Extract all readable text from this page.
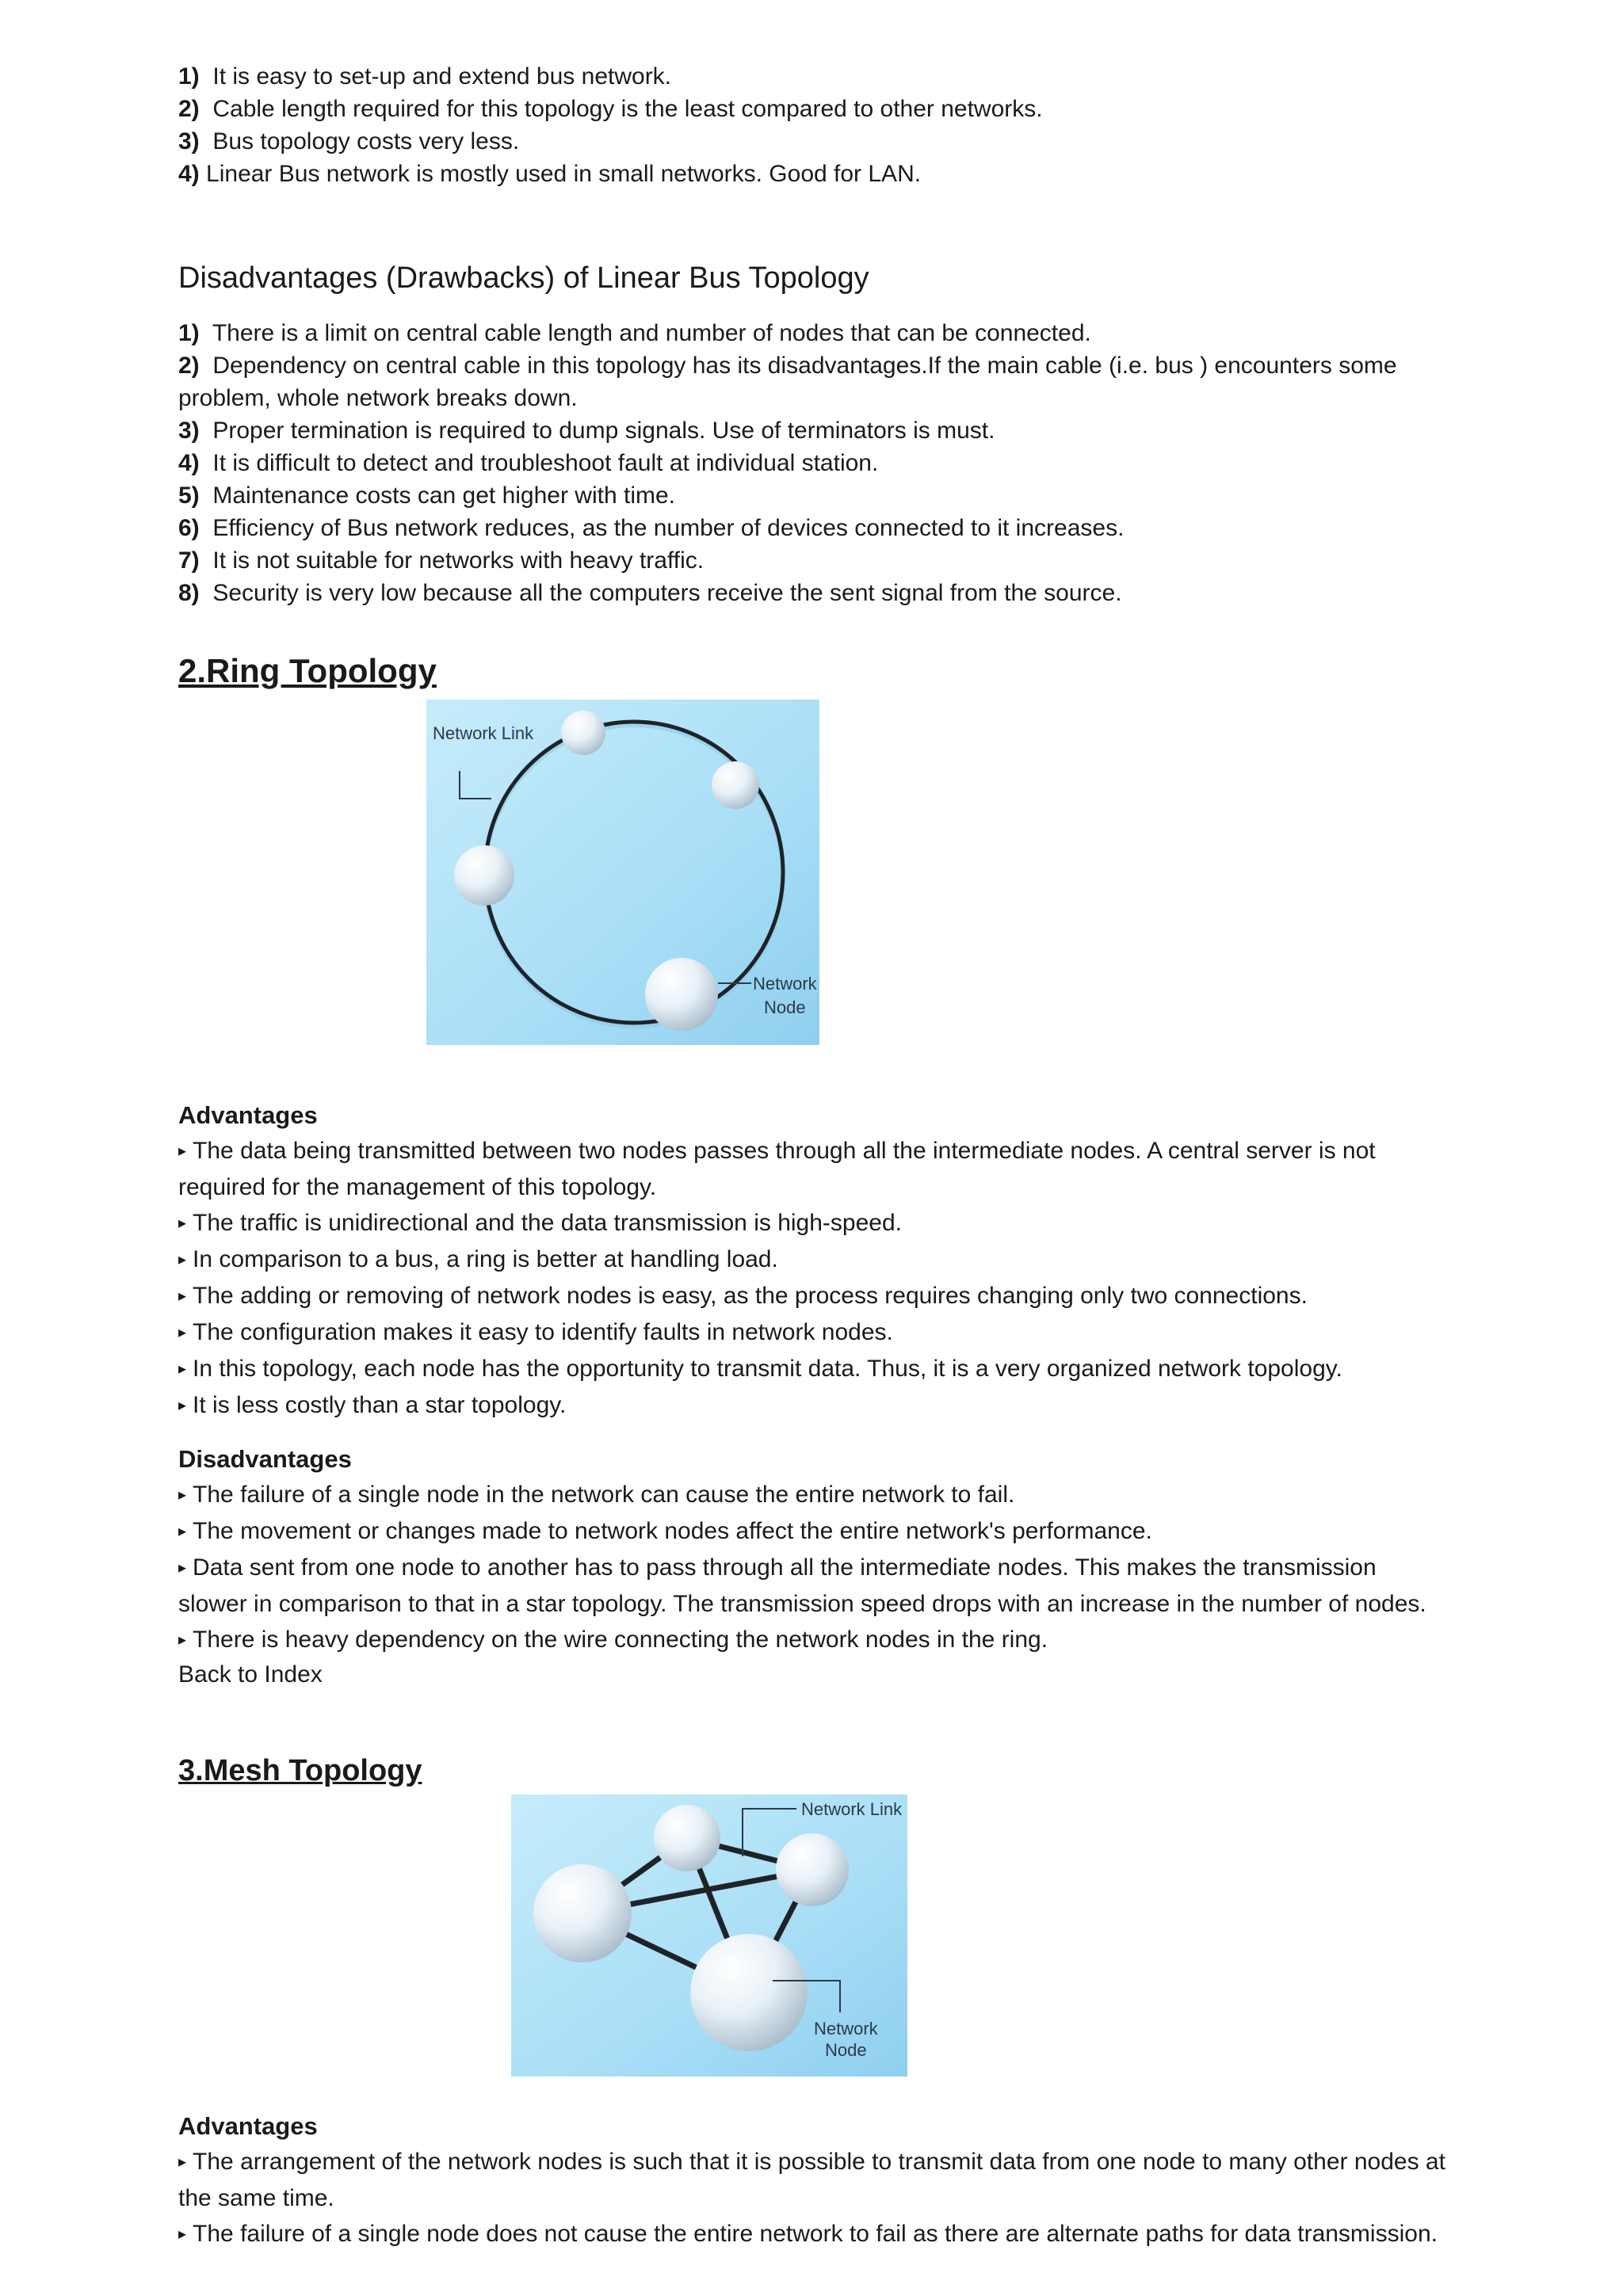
1) It is easy to set-up and extend bus network.

2) Cable length required for this topology is the least compared to other networks.

3) Bus topology costs very less.

4) Linear Bus network is mostly used in small networks. Good for LAN.

Disadvantages (Drawbacks) of Linear Bus Topology

1) There is a limit on central cable length and number of nodes that can be connected.

2) Dependency on central cable in this topology has its disadvantages.If the main cable (i.e. bus ) encounters some problem, whole network breaks down.

3) Proper termination is required to dump signals. Use of terminators is must.

4) It is difficult to detect and troubleshoot fault at individual station.

5) Maintenance costs can get higher with time.

6) Efficiency of Bus network reduces, as the number of devices connected to it increases.

7) It is not suitable for networks with heavy traffic.

8) Security is very low because all the computers receive the sent signal from the source.

2.Ring Topology
Network Link
Network
Node
Advantages

▸ The data being transmitted between two nodes passes through all the intermediate nodes. A central server is not required for the management of this topology.

▸ The traffic is unidirectional and the data transmission is high-speed.

▸ In comparison to a bus, a ring is better at handling load.

▸ The adding or removing of network nodes is easy, as the process requires changing only two connections.

▸ The configuration makes it easy to identify faults in network nodes.

▸ In this topology, each node has the opportunity to transmit data. Thus, it is a very organized network topology.

▸ It is less costly than a star topology.

Disadvantages

▸ The failure of a single node in the network can cause the entire network to fail.

▸ The movement or changes made to network nodes affect the entire network's performance.

▸ Data sent from one node to another has to pass through all the intermediate nodes. This makes the transmission slower in comparison to that in a star topology. The transmission speed drops with an increase in the number of nodes.

▸ There is heavy dependency on the wire connecting the network nodes in the ring.

Back to Index

3.Mesh Topology
Network Link
Network
Node
Advantages

▸ The arrangement of the network nodes is such that it is possible to transmit data from one node to many other nodes at the same time.

▸ The failure of a single node does not cause the entire network to fail as there are alternate paths for data transmission.
